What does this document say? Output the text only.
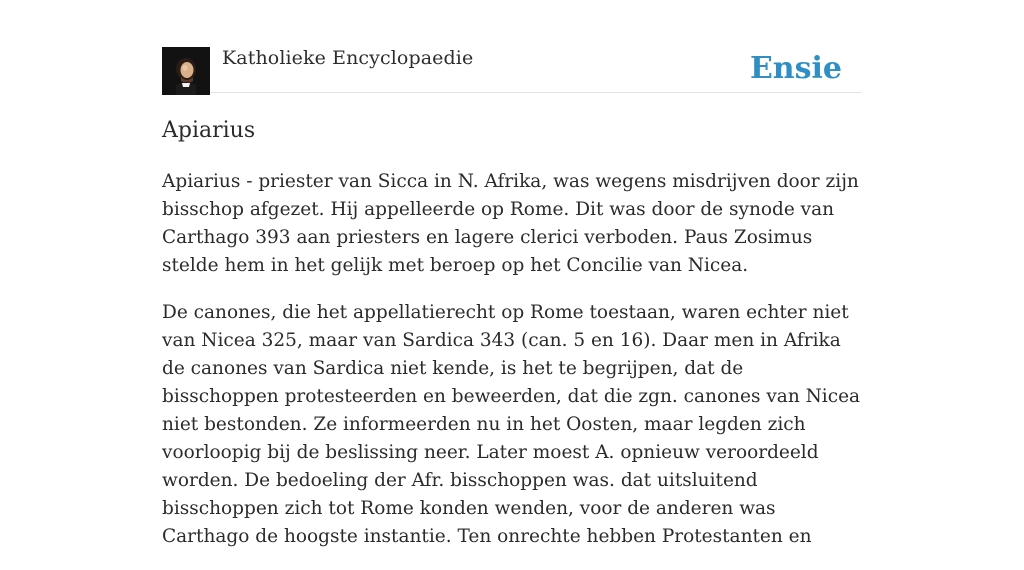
Katholieke Encyclopaedie	Ensie
Apiarius

Apiarius - priester van Sicca in N. Afrika, was wegens misdrijven door zijn bisschop afgezet. Hij appelleerde op Rome. Dit was door de synode van Carthago 393 aan priesters en lagere clerici verboden. Paus Zosimus stelde hem in het gelijk met beroep op het Concilie van Nicea.

De canones, die het appellatierecht op Rome toestaan, waren echter niet van Nicea 325, maar van Sardica 343 (can. 5 en 16). Daar men in Afrika de canones van Sardica niet kende, is het te begrijpen, dat de bisschoppen protesteerden en beweerden, dat die zgn. canones van Nicea niet bestonden. Ze informeerden nu in het Oosten, maar legden zich voorloopig bij de beslissing neer. Later moest A. opnieuw veroordeeld worden. De bedoeling der Afr. bisschoppen was. dat uitsluitend bisschoppen zich tot Rome konden wenden, voor de anderen was Carthago de hoogste instantie. Ten onrechte hebben Protestanten en
